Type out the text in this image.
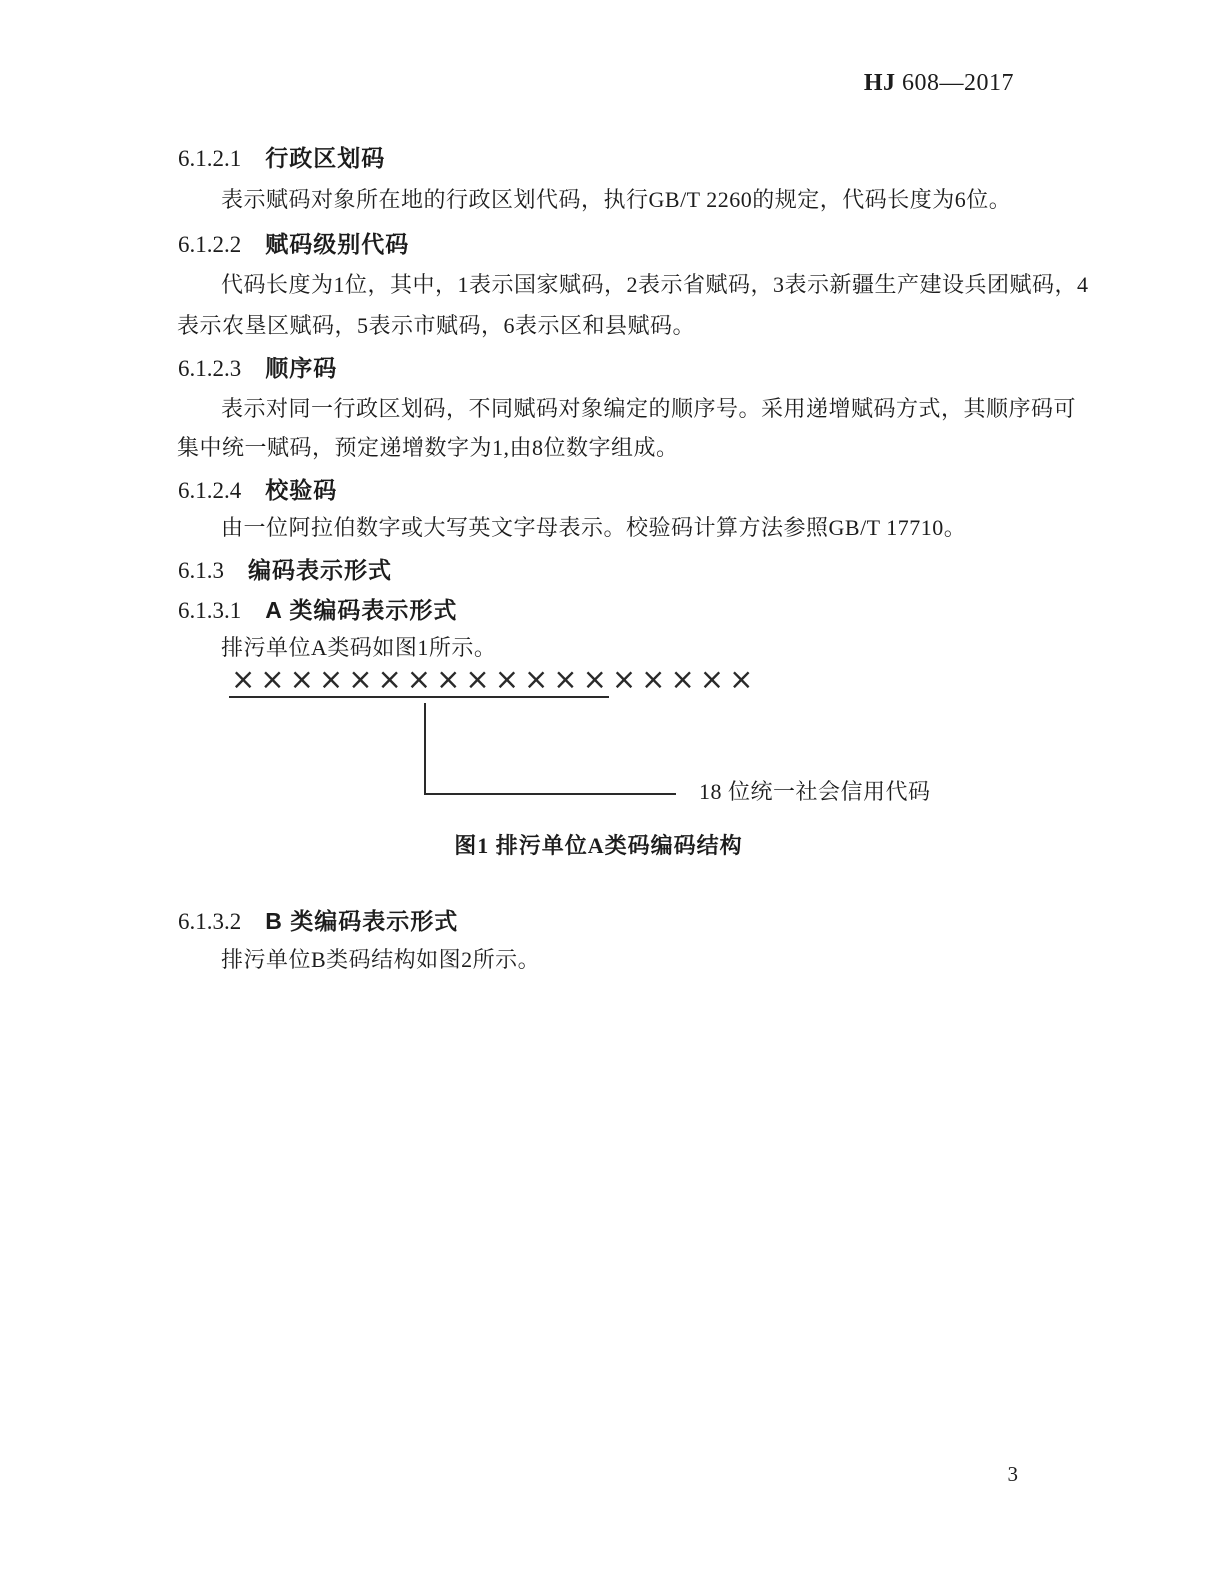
HJ 608—2017
6.1.2.1 行政区划码
表示赋码对象所在地的行政区划代码，执行GB/T 2260的规定，代码长度为6位。
6.1.2.2 赋码级别代码
代码长度为1位，其中，1表示国家赋码，2表示省赋码，3表示新疆生产建设兵团赋码，4
表示农垦区赋码，5表示市赋码，6表示区和县赋码。
6.1.2.3 顺序码
表示对同一行政区划码，不同赋码对象编定的顺序号。采用递增赋码方式，其顺序码可
集中统一赋码，预定递增数字为1,由8位数字组成。
6.1.2.4 校验码
由一位阿拉伯数字或大写英文字母表示。校验码计算方法参照GB/T 17710。
6.1.3 编码表示形式
6.1.3.1 A 类编码表示形式
排污单位A类码如图1所示。
××××××××××××××××××
18 位统一社会信用代码
图1 排污单位A类码编码结构
6.1.3.2 B 类编码表示形式
排污单位B类码结构如图2所示。
3
